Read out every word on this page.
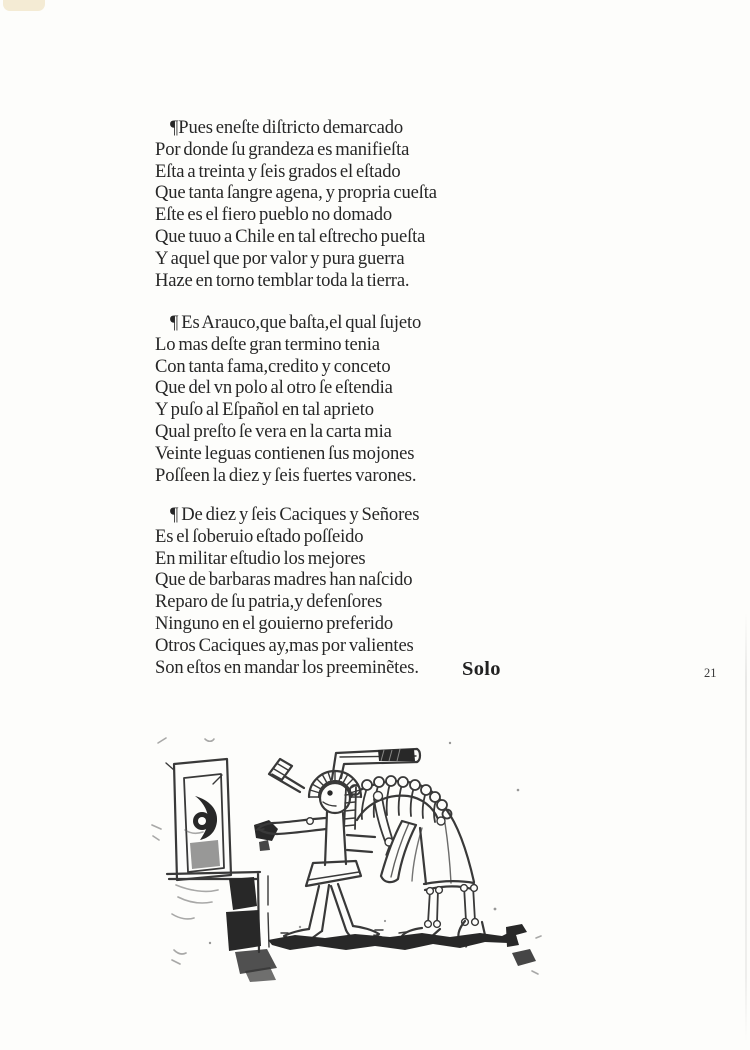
¶Pues eneſte diſtricto demarcado

Por donde ſu grandeza es manifieſta

Eſta a treinta y ſeis grados el eſtado

Que tanta ſangre agena, y propria cueſta

Eſte es el fiero pueblo no domado

Que tuuo a Chile en tal eſtrecho pueſta

Y aquel que por valor y pura guerra

Haze en torno temblar toda la tierra.

¶ Es Arauco,que baſta,el qual ſujeto

Lo mas deſte gran termino tenia

Con tanta fama,credito y conceto

Que del vn polo al otro ſe eſtendia

Y puſo al Eſpañol en tal aprieto

Qual preſto ſe vera en la carta mia

Veinte leguas contienen ſus mojones

Poſſeen la diez y ſeis fuertes varones.

¶ De diez y ſeis Caciques y Señores

Es el ſoberuio eſtado poſſeido

En militar eſtudio los mejores

Que de barbaras madres han naſcido

Reparo de ſu patria,y defenſores

Ninguno en el gouierno preferido

Otros Caciques ay,mas por valientes

Son eſtos en mandar los preeminẽtes.	Solo	21
